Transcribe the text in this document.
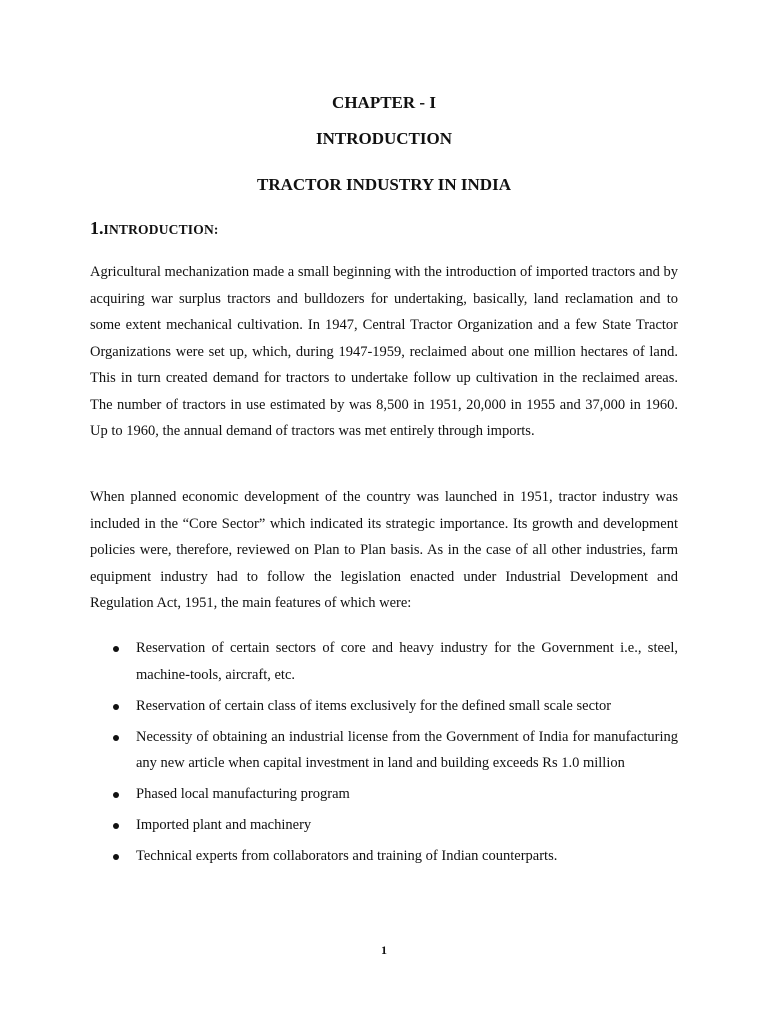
CHAPTER - I
INTRODUCTION
TRACTOR INDUSTRY IN INDIA
1.INTRODUCTION:

Agricultural mechanization made a small beginning with the introduction of imported tractors and by acquiring war surplus tractors and bulldozers for undertaking, basically, land reclamation and to some extent mechanical cultivation. In 1947, Central Tractor Organization and a few State Tractor Organizations were set up, which, during 1947-1959, reclaimed about one million hectares of land. This in turn created demand for tractors to undertake follow up cultivation in the reclaimed areas. The number of tractors in use estimated by was 8,500 in 1951, 20,000 in 1955 and 37,000 in 1960. Up to 1960, the annual demand of tractors was met entirely through imports.

When planned economic development of the country was launched in 1951, tractor industry was included in the “Core Sector” which indicated its strategic importance. Its growth and development policies were, therefore, reviewed on Plan to Plan basis. As in the case of all other industries, farm equipment industry had to follow the legislation enacted under Industrial Development and Regulation Act, 1951, the main features of which were:

Reservation of certain sectors of core and heavy industry for the Government i.e., steel, machine-tools, aircraft, etc.
Reservation of certain class of items exclusively for the defined small scale sector
Necessity of obtaining an industrial license from the Government of India for manufacturing any new article when capital investment in land and building exceeds Rs 1.0 million
Phased local manufacturing program
Imported plant and machinery
Technical experts from collaborators and training of Indian counterparts.
1
